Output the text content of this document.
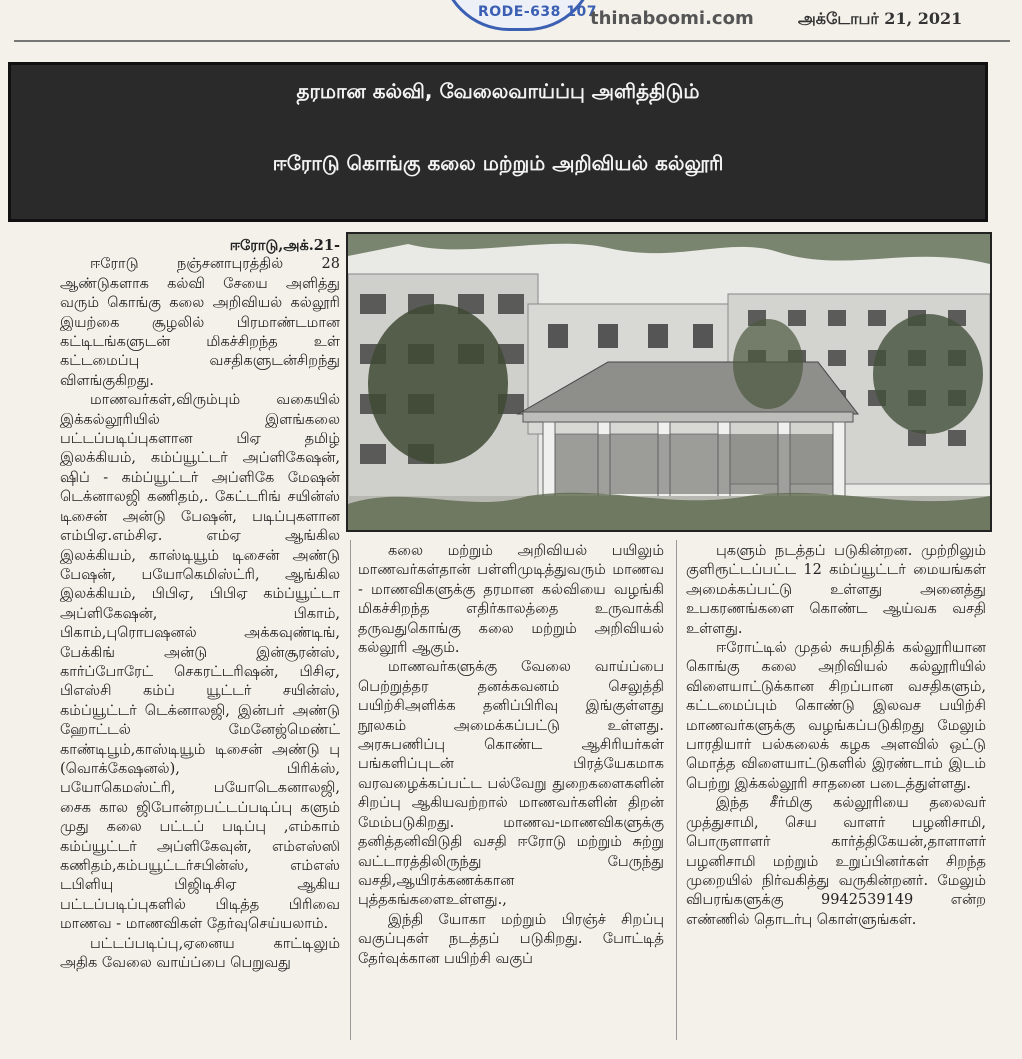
RODE-638 107
thinaboomi.com	அக்டோபர் 21, 2021
தரமான கல்வி, வேலைவாய்ப்பு அளித்திடும்
ஈரோடு கொங்கு கலை மற்றும் அறிவியல் கல்லூரி

ஈரோடு,அக்.21-

ஈரோடு நஞ்சனாபுரத்தில் 28 ஆண்டுகளாக கல்வி சேயை அளித்து வரும் கொங்கு கலை அறிவியல் கல்லூரி இயற்கை சூழலில் பிரமாண்டமான கட்டிடங்களுடன் மிகச்சிறந்த உள் கட்டமைப்பு வசதிகளுடன்சிறந்து விளங்குகிறது.

மாணவர்கள்,விரும்பும் வகையில் இக்கல்லூரியில் இளங்கலை பட்டப்படிப்புகளான பிஏ தமிழ் இலக்கியம், கம்ப்யூட்டர் அப்ளிகேஷன், ஷிப் - கம்ப்யூட்டர் அப்ளிகே மேஷன் டெக்னாலஜி கணிதம்,. கேட்டரிங் சயின்ஸ் டிசைன் அன்டு பேஷன், படிப்புகளான எம்பிஏ.எம்சிஏ. எம்ஏ ஆங்கில இலக்கியம், காஸ்டியூம் டிசைன் அண்டு பேஷன், பயோகெமிஸ்ட்ரி, ஆங்கில இலக்கியம், பிபிஏ, பிபிஏ கம்ப்யூட்டா அப்ளிகேஷன், பிகாம், பிகாம்,புரொபஷனல் அக்கவுண்டிங், பேக்கிங் அன்டு இன்சூரன்ஸ், கார்ப்போரேட் செகரட்டரிஷன், பிசிஏ, பிஎஸ்சி கம்ப் யூட்டர் சயின்ஸ், கம்ப்யூட்டர் டெக்னாலஜி, இன்பர் அண்டு ஹோட்டல் மேனேஜ்மெண்ட் காண்டிபூம்,காஸ்டியூம் டிசைன் அண்டு பு (வொக்கேஷனல்), பிரிக்ஸ், பயோகெமஸ்ட்ரி, பயோடெகனாலஜி, சைக கால ஜிபோன்றபட்டப்படிப்பு களும் முது கலை பட்டப் படிப்பு ,எம்காம் கம்ப்யூட்டர் அப்ளிகேவுன், எம்எஸ்ஸி கணிதம்,கம்பயூட்டர்சபின்ஸ், எம்எஸ் டபிளியு பிஜிடிசிஏ ஆகிய பட்டப்படிப்புகளில் பிடித்த பிரிவை மாணவ - மாணவிகள் தேர்வுசெய்யலாம்.

பட்டப்படிப்பு,ஏனைய காட்டிலும் அதிக வேலை வாய்ப்பை பெறுவது

கலை மற்றும் அறிவியல் பயிலும் மாணவர்கள்தான் பள்ளிமுடித்துவரும் மாணவ - மாணவிகளுக்கு தரமான கல்வியை வழங்கி மிகச்சிறந்த எதிர்காலத்தை உருவாக்கி தருவதுகொங்கு கலை மற்றும் அறிவியல் கல்லூரி ஆகும்.

மாணவர்களுக்கு வேலை வாய்ப்பை பெற்றுத்தர தனக்கவனம் செலுத்தி பயிற்சிஅளிக்க தனிப்பிரிவு இங்குள்ளது நூலகம் அமைக்கப்பட்டு உள்ளது. அரசுபணிப்பு கொண்ட ஆசிரியர்கள் பங்களிப்புடன் பிரத்யேகமாக வரவழைக்கப்பட்ட பல்வேறு துறைகளைகளின் சிறப்பு ஆகியவற்றால் மாணவர்களின் திறன் மேம்படுகிறது. மாணவ-மாணவிகளுக்கு தனித்தனிவிடுதி வசதி ஈரோடு மற்றும் சுற்று வட்டாரத்திலிருந்து பேருந்து வசதி,ஆயிரக்கணக்கான புத்தகங்களைஉள்ளது.,

இந்தி யோகா மற்றும் பிரஞ்ச் சிறப்பு வகுப்புகள் நடத்தப் படுகிறது. போட்டித் தேர்வுக்கான பயிற்சி வகுப்

புகளும் நடத்தப் படுகின்றன. முற்றிலும் குளிரூட்டப்பட்ட 12 கம்ப்யூட்டர் மையங்கள் அமைக்கப்பட்டு உள்ளது அனைத்து உபகரணங்களை கொண்ட ஆய்வக வசதி உள்ளது.

ஈரோட்டில் முதல் சுயநிதிக் கல்லூரியான கொங்கு கலை அறிவியல் கல்லூரியில் விளையாட்டுக்கான சிறப்பான வசதிகளும், கட்டமைப்பும் கொண்டு இலவச பயிற்சி மாணவர்களுக்கு வழங்கப்படுகிறது மேலும் பாரதியார் பல்கலைக் கழக அளவில் ஒட்டு மொத்த விளையாட்டுகளில் இரண்டாம் இடம் பெற்று இக்கல்லூரி சாதனை படைத்துள்ளது.

இந்த சீர்மிகு கல்லூரியை தலைவர் முத்துசாமி, செய வாளர் பழனிசாமி, பொருளாளர் கார்த்திகேயன்,தாளாளர் பழனிசாமி மற்றும் உறுப்பினர்கள் சிறந்த முறையில் நிர்வகித்து வருகின்றனர். மேலும் விபரங்களுக்கு 9942539149 என்ற எண்ணில் தொடர்பு கொள்ளுங்கள்.
